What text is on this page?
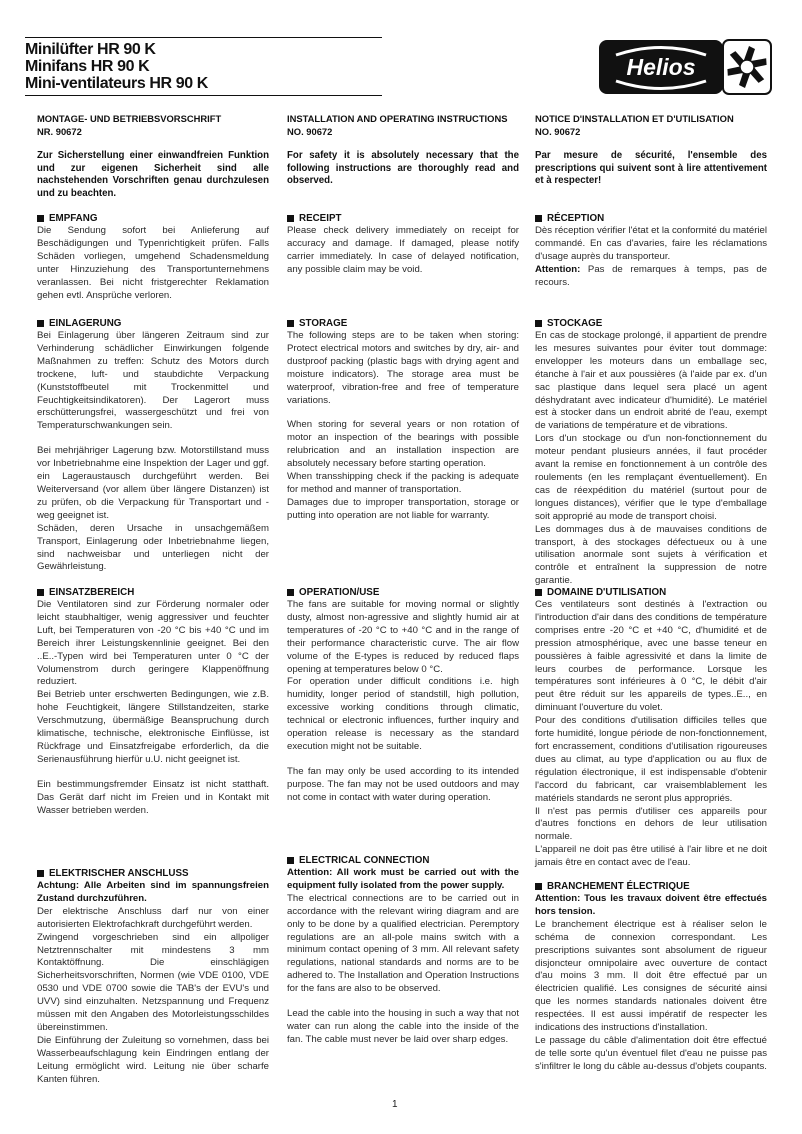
Minilüfter HR 90 K
Minifans HR 90 K
Mini-ventilateurs HR 90 K
Helios
MONTAGE- UND BETRIEBSVORSCHRIFT
NR. 90672

Zur Sicherstellung einer einwandfreien Funktion und zur eigenen Sicherheit sind alle nachstehenden Vorschriften genau durchzulesen und zu beachten.

EMPFANG

Die Sendung sofort bei Anlieferung auf Beschädigungen und Typenrichtigkeit prüfen. Falls Schäden vorliegen, umgehend Schadensmeldung unter Hinzuziehung des Transportunternehmens veranlassen. Bei nicht fristgerechter Reklamation gehen evtl. Ansprüche verloren.

EINLAGERUNG

Bei Einlagerung über längeren Zeitraum sind zur Verhinderung schädlicher Einwirkungen folgende Maßnahmen zu treffen: Schutz des Motors durch trockene, luft- und staubdichte Verpackung (Kunststoffbeutel mit Trockenmittel und Feuchtigkeitsindikatoren). Der Lagerort muss erschütterungsfrei, wassergeschützt und frei von Temperaturschwankungen sein.

Bei mehrjähriger Lagerung bzw. Motorstillstand muss vor Inbetriebnahme eine Inspektion der Lager und ggf. ein Lageraustausch durchgeführt werden. Bei Weiterversand (vor allem über längere Distanzen) ist zu prüfen, ob die Verpackung für Transportart und -weg geeignet ist.

Schäden, deren Ursache in unsachgemäßem Transport, Einlagerung oder Inbetriebnahme liegen, sind nachweisbar und unterliegen nicht der Gewährleistung.

EINSATZBEREICH

Die Ventilatoren sind zur Förderung normaler oder leicht staubhaltiger, wenig aggressiver und feuchter Luft, bei Temperaturen von -20 °C bis +40 °C und im Bereich ihrer Leistungskennlinie geeignet. Bei den ..E..-Typen wird bei Temperaturen unter 0 °C der Volumenstrom durch geringere Klappenöffnung reduziert.

Bei Betrieb unter erschwerten Bedingungen, wie z.B. hohe Feuchtigkeit, längere Stillstandzeiten, starke Verschmutzung, übermäßige Beanspruchung durch klimatische, technische, elektronische Einflüsse, ist Rückfrage und Einsatzfreigabe erforderlich, da die Serienausführung hierfür u.U. nicht geeignet ist.

Ein bestimmungsfremder Einsatz ist nicht statthaft. Das Gerät darf nicht im Freien und in Kontakt mit Wasser betrieben werden.

ELEKTRISCHER ANSCHLUSS

Achtung: Alle Arbeiten sind im spannungsfreien Zustand durchzuführen.

Der elektrische Anschluss darf nur von einer autorisierten Elektrofachkraft durchgeführt werden.

Zwingend vorgeschrieben sind ein allpoliger Netztrennschalter mit mindestens 3 mm Kontaktöffnung. Die einschlägigen Sicherheitsvorschriften, Normen (wie VDE 0100, VDE 0530 und VDE 0700 sowie die TAB's der EVU's und UVV) sind einzuhalten. Netzspannung und Frequenz müssen mit den Angaben des Motorleistungsschildes übereinstimmen.

Die Einführung der Zuleitung so vornehmen, dass bei Wasserbeaufschlagung kein Eindringen entlang der Leitung ermöglicht wird. Leitung nie über scharfe Kanten führen.

INSTALLATION AND OPERATING INSTRUCTIONS
NO. 90672

For safety it is absolutely necessary that the following instructions are thoroughly read and observed.

RECEIPT

Please check delivery immediately on receipt for accuracy and damage. If damaged, please notify carrier immediately. In case of delayed notification, any possible claim may be void.

STORAGE

The following steps are to be taken when storing: Protect electrical motors and switches by dry, air- and dustproof packing (plastic bags with drying agent and moisture indicators). The storage area must be waterproof, vibration-free and free of temperature variations.

When storing for several years or non rotation of motor an inspection of the bearings with possible relubrication and an installation inspection are absolutely necessary before starting operation.

When transshipping check if the packing is adequate for method and manner of transportation.

Damages due to improper transportation, storage or putting into operation are not liable for warranty.

OPERATION/USE

The fans are suitable for moving normal or slightly dusty, almost non-agressive and slightly humid air at temperatures of -20 °C to +40 °C and in the range of their performance characteristic curve. The air flow volume of the E-types is reduced by reduced flaps opening at temperatures below 0 °C.

For operation under difficult conditions i.e. high humidity, longer period of standstill, high pollution, excessive working conditions through climatic, technical or electronic influences, further inquiry and operation release is necessary as the standard execution might not be suitable.

The fan may only be used according to its intended purpose. The fan may not be used outdoors and may not come in contact with water during operation.

ELECTRICAL CONNECTION

Attention: All work must be carried out with the equipment fully isolated from the power supply.

The electrical connections are to be carried out in accordance with the relevant wiring diagram and are only to be done by a qualified electrician. Peremptory regulations are an all-pole mains switch with a minimum contact opening of 3 mm. All relevant safety regulations, national standards and norms are to be adhered to. The Installation and Operation Instructions for the fans are also to be observed.

Lead the cable into the housing in such a way that not water can run along the cable into the inside of the fan. The cable must never be laid over sharp edges.

NOTICE D'INSTALLATION ET D'UTILISATION
NO. 90672

Par mesure de sécurité, l'ensemble des prescriptions qui suivent sont à lire attentivement et à respecter!

RÉCEPTION

Dès réception vérifier l'état et la conformité du matériel commandé. En cas d'avaries, faire les réclamations d'usage auprès du transporteur.

Attention: Pas de remarques à temps, pas de recours.

STOCKAGE

En cas de stockage prolongé, il appartient de prendre les mesures suivantes pour éviter tout dommage: envelopper les moteurs dans un emballage sec, étanche à l'air et aux poussières (à l'aide par ex. d'un sac plastique dans lequel sera placé un agent déshydratant avec indicateur d'humidité). Le matériel est à stocker dans un endroit abrité de l'eau, exempt de variations de température et de vibrations.

Lors d'un stockage ou d'un non-fonctionnement du moteur pendant plusieurs années, il faut procéder avant la remise en fonctionnement à un contrôle des roulements (en les remplaçant éventuellement). En cas de réexpédition du matériel (surtout pour de longues distances), vérifier que le type d'emballage soit approprié au mode de transport choisi.

Les dommages dus à de mauvaises conditions de transport, à des stockages défectueux ou à une utilisation anormale sont sujets à vérification et contrôle et entraînent la suppression de notre garantie.

DOMAINE D'UTILISATION

Ces ventilateurs sont destinés à l'extraction ou l'introduction d'air dans des conditions de température comprises entre -20 °C et +40 °C, d'humidité et de pression atmosphérique, avec une basse teneur en poussières à faible agressivité et dans la limite de leurs courbes de performance. Lorsque les températures sont inférieures à 0 °C, le débit d'air peut être réduit sur les appareils de types..E.., en diminuant l'ouverture du volet.

Pour des conditions d'utilisation difficiles telles que forte humidité, longue période de non-fonctionnement, fort encrassement, conditions d'utilisation rigoureuses dues au climat, au type d'application ou au flux de régulation électronique, il est indispensable d'obtenir l'accord du fabricant, car vraisemblablement les matériels standards ne seront plus appropriés.

Il n'est pas permis d'utiliser ces appareils pour d'autres fonctions en dehors de leur utilisation normale.

L'appareil ne doit pas être utilisé à l'air libre et ne doit jamais être en contact avec de l'eau.

BRANCHEMENT ÉLECTRIQUE

Attention: Tous les travaux doivent être effectués hors tension.

Le branchement électrique est à réaliser selon le schéma de connexion correspondant. Les prescriptions suivantes sont absolument de rigueur disjoncteur omnipolaire avec ouverture de contact d'au moins 3 mm. Il doit être effectué par un électricien qualifié. Les consignes de sécurité ainsi que les normes standards nationales doivent être respectées. Il est aussi impératif de respecter les indications des instructions d'installation.

Le passage du câble d'alimentation doit être effectué de telle sorte qu'un éventuel filet d'eau ne puisse pas s'infiltrer le long du câble au-dessus d'objets coupants.

1
